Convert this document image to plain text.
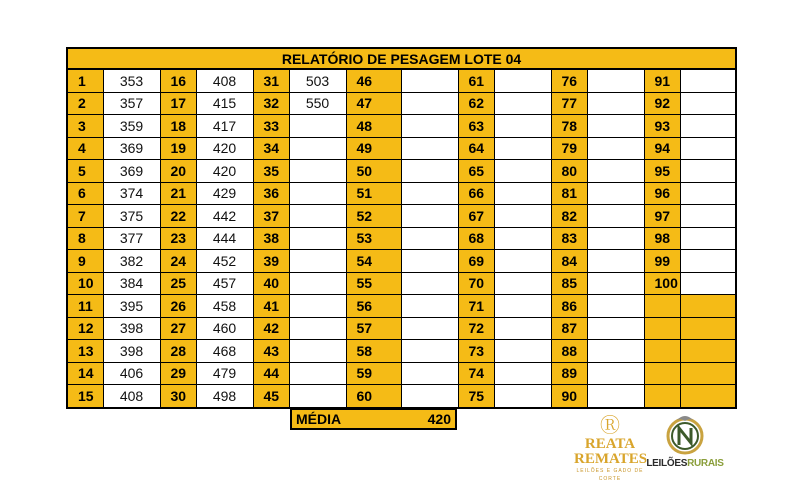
RELATÓRIO DE PESAGEM LOTE 04													
1	353	16	408	31	503	46		61		76		91	
2	357	17	415	32	550	47		62		77		92	
3	359	18	417	33		48		63		78		93	
4	369	19	420	34		49		64		79		94	
5	369	20	420	35		50		65		80		95	
6	374	21	429	36		51		66		81		96	
7	375	22	442	37		52		67		82		97	
8	377	23	444	38		53		68		83		98	
9	382	24	452	39		54		69		84		99	
10	384	25	457	40		55		70		85		100	
11	395	26	458	41		56		71		86			
12	398	27	460	42		57		72		87			
13	398	28	468	43		58		73		88			
14	406	29	479	44		59		74		89			
15	408	30	498	45		60		75		90			
MÉDIA	420	Ⓡ
REATA
REMATES
LEILÕES E GADO DE CORTE
LEILÕESRURAIS
